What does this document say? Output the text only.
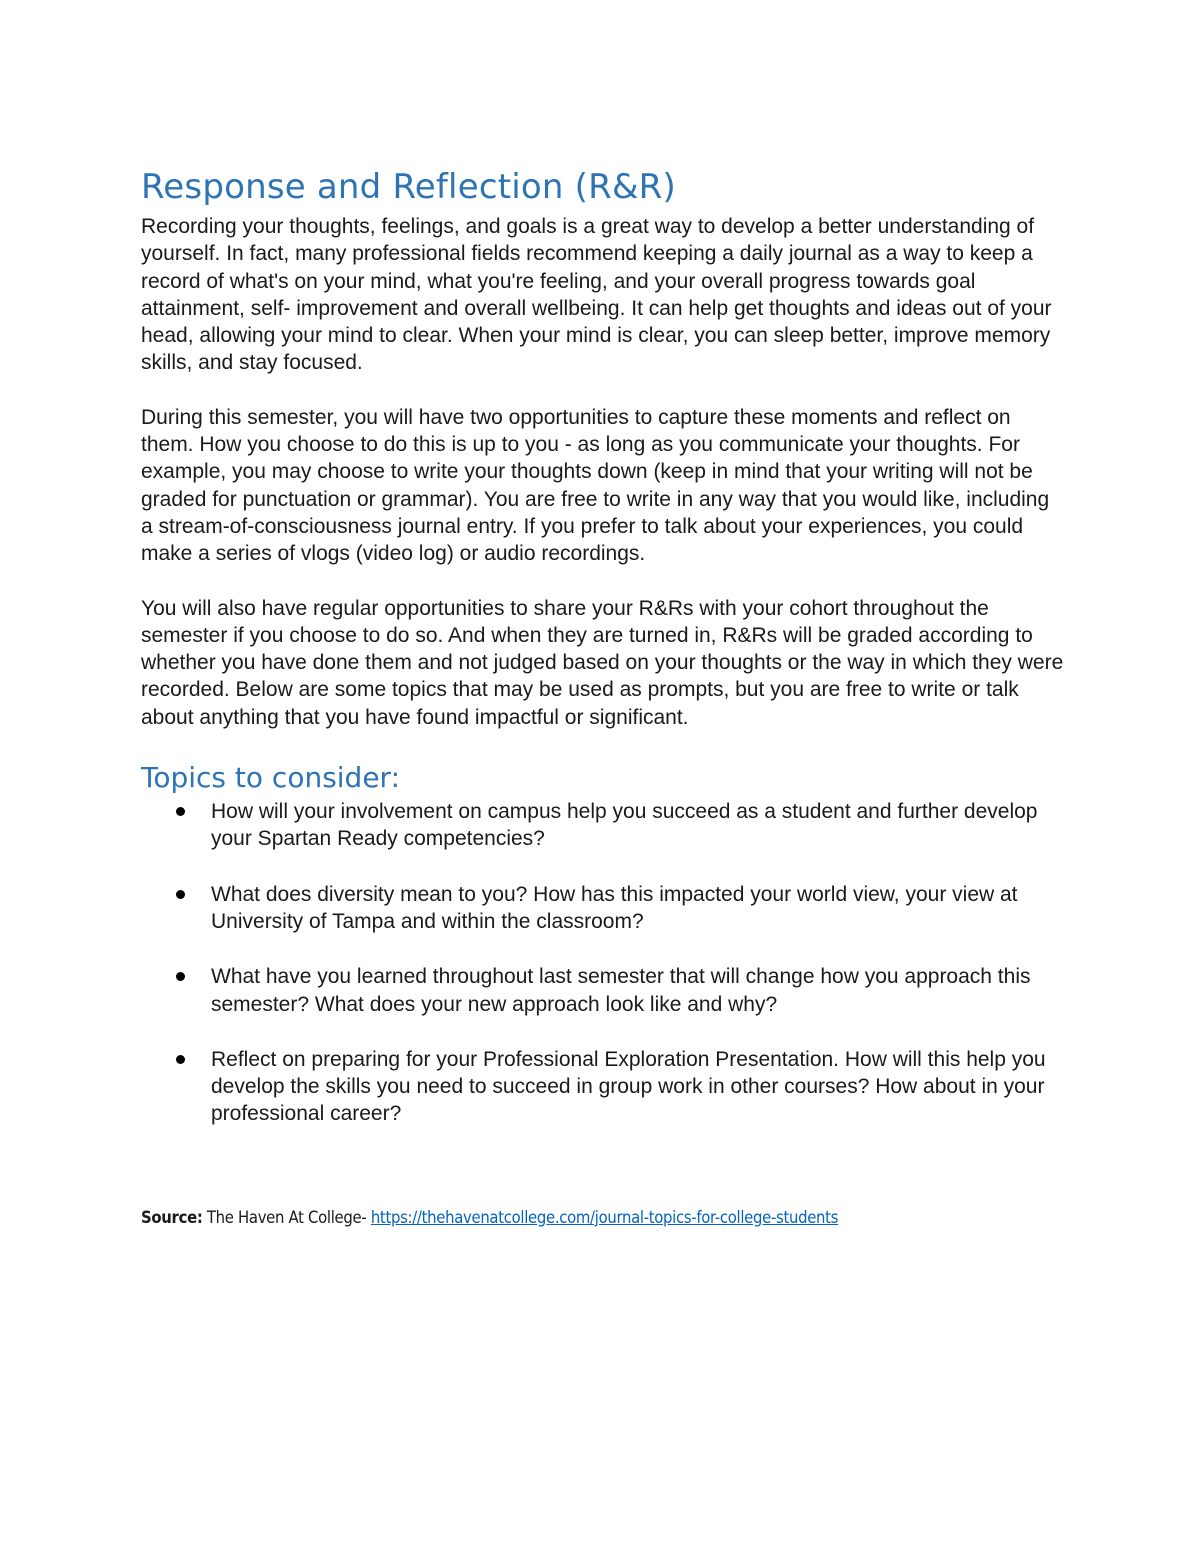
Response and Reflection (R&R)

Recording your thoughts, feelings, and goals is a great way to develop a better understanding of yourself. In fact, many professional fields recommend keeping a daily journal as a way to keep a record of what's on your mind, what you're feeling, and your overall progress towards goal attainment, self- improvement and overall wellbeing. It can help get thoughts and ideas out of your head, allowing your mind to clear. When your mind is clear, you can sleep better, improve memory skills, and stay focused.

During this semester, you will have two opportunities to capture these moments and reflect on them. How you choose to do this is up to you - as long as you communicate your thoughts. For example, you may choose to write your thoughts down (keep in mind that your writing will not be graded for punctuation or grammar). You are free to write in any way that you would like, including a stream-of-consciousness journal entry. If you prefer to talk about your experiences, you could make a series of vlogs (video log) or audio recordings.

You will also have regular opportunities to share your R&Rs with your cohort throughout the semester if you choose to do so. And when they are turned in, R&Rs will be graded according to whether you have done them and not judged based on your thoughts or the way in which they were recorded. Below are some topics that may be used as prompts, but you are free to write or talk about anything that you have found impactful or significant.

Topics to consider:
How will your involvement on campus help you succeed as a student and further develop your Spartan Ready competencies?
What does diversity mean to you? How has this impacted your world view, your view at University of Tampa and within the classroom?
What have you learned throughout last semester that will change how you approach this semester? What does your new approach look like and why?
Reflect on preparing for your Professional Exploration Presentation. How will this help you develop the skills you need to succeed in group work in other courses? How about in your professional career?
Source: The Haven At College- https://thehavenatcollege.com/journal-topics-for-college-students
